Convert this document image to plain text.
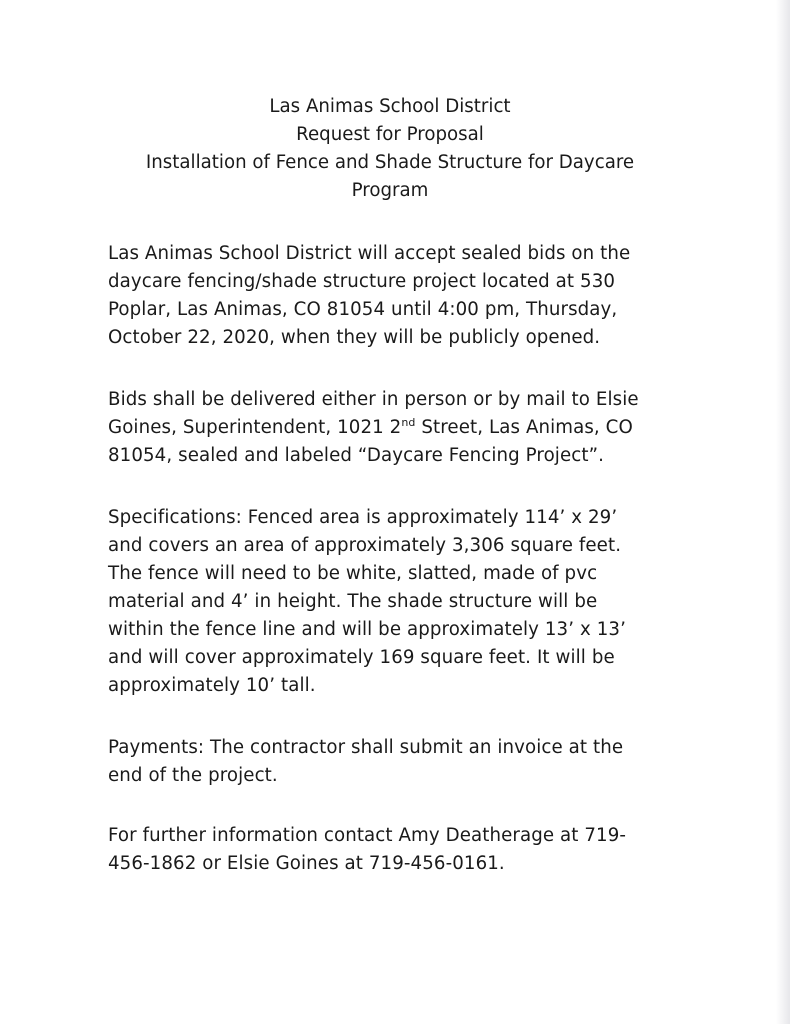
Las Animas School District
Request for Proposal
Installation of Fence and Shade Structure for Daycare
Program
Las Animas School District will accept sealed bids on the
daycare fencing/shade structure project located at 530
Poplar, Las Animas, CO 81054 until 4:00 pm, Thursday,
October 22, 2020, when they will be publicly opened.
Bids shall be delivered either in person or by mail to Elsie
Goines, Superintendent, 1021 2nd Street, Las Animas, CO
81054, sealed and labeled “Daycare Fencing Project”.
Specifications: Fenced area is approximately 114’ x 29’
and covers an area of approximately 3,306 square feet.
The fence will need to be white, slatted, made of pvc
material and 4’ in height. The shade structure will be
within the fence line and will be approximately 13’ x 13’
and will cover approximately 169 square feet. It will be
approximately 10’ tall.
Payments: The contractor shall submit an invoice at the
end of the project.
For further information contact Amy Deatherage at 719-
456-1862 or Elsie Goines at 719-456-0161.
